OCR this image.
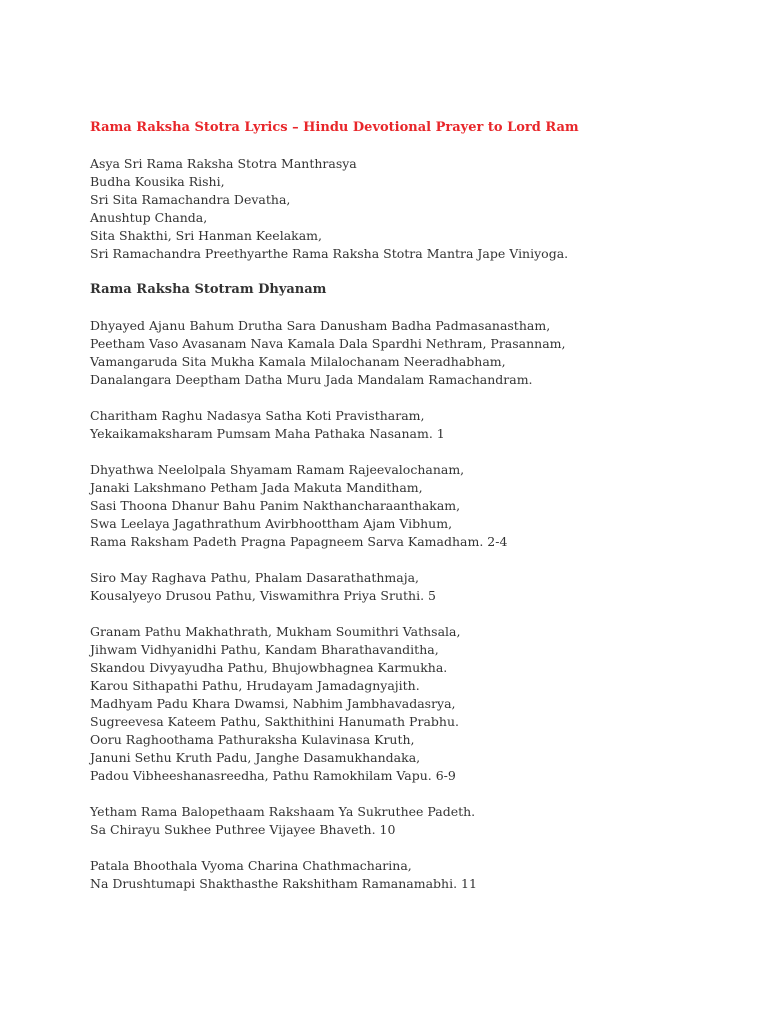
Rama Raksha Stotra Lyrics – Hindu Devotional Prayer to Lord Ram
Asya Sri Rama Raksha Stotra Manthrasya
Budha Kousika Rishi,
Sri Sita Ramachandra Devatha,
Anushtup Chanda,
Sita Shakthi, Sri Hanman Keelakam,
Sri Ramachandra Preethyarthe Rama Raksha Stotra Mantra Jape Viniyoga.
Rama Raksha Stotram Dhyanam
Dhyayed Ajanu Bahum Drutha Sara Danusham Badha Padmasanastham,
Peetham Vaso Avasanam Nava Kamala Dala Spardhi Nethram, Prasannam,
Vamangaruda Sita Mukha Kamala Milalochanam Neeradhabham,
Danalangara Deeptham Datha Muru Jada Mandalam Ramachandram.
Charitham Raghu Nadasya Satha Koti Pravistharam,
Yekaikamaksharam Pumsam Maha Pathaka Nasanam. 1
Dhyathwa Neelolpala Shyamam Ramam Rajeevalochanam,
Janaki Lakshmano Petham Jada Makuta Manditham,
Sasi Thoona Dhanur Bahu Panim Nakthancharaanthakam,
Swa Leelaya Jagathrathum Avirbhoottham Ajam Vibhum,
Rama Raksham Padeth Pragna Papagneem Sarva Kamadham. 2-4
Siro May Raghava Pathu, Phalam Dasarathathmaja,
Kousalyeyo Drusou Pathu, Viswamithra Priya Sruthi. 5
Granam Pathu Makhathrath, Mukham Soumithri Vathsala,
Jihwam Vidhyanidhi Pathu, Kandam Bharathavanditha,
Skandou Divyayudha Pathu, Bhujowbhagnea Karmukha.
Karou Sithapathi Pathu, Hrudayam Jamadagnyajith.
Madhyam Padu Khara Dwamsi, Nabhim Jambhavadasrya,
Sugreevesa Kateem Pathu, Sakthithini Hanumath Prabhu.
Ooru Raghoothama Pathuraksha Kulavinasa Kruth,
Januni Sethu Kruth Padu, Janghe Dasamukhandaka,
Padou Vibheeshanasreedha, Pathu Ramokhilam Vapu. 6-9
Yetham Rama Balopethaam Rakshaam Ya Sukruthee Padeth.
Sa Chirayu Sukhee Puthree Vijayee Bhaveth. 10
Patala Bhoothala Vyoma Charina Chathmacharina,
Na Drushtumapi Shakthasthe Rakshitham Ramanamabhi. 11
